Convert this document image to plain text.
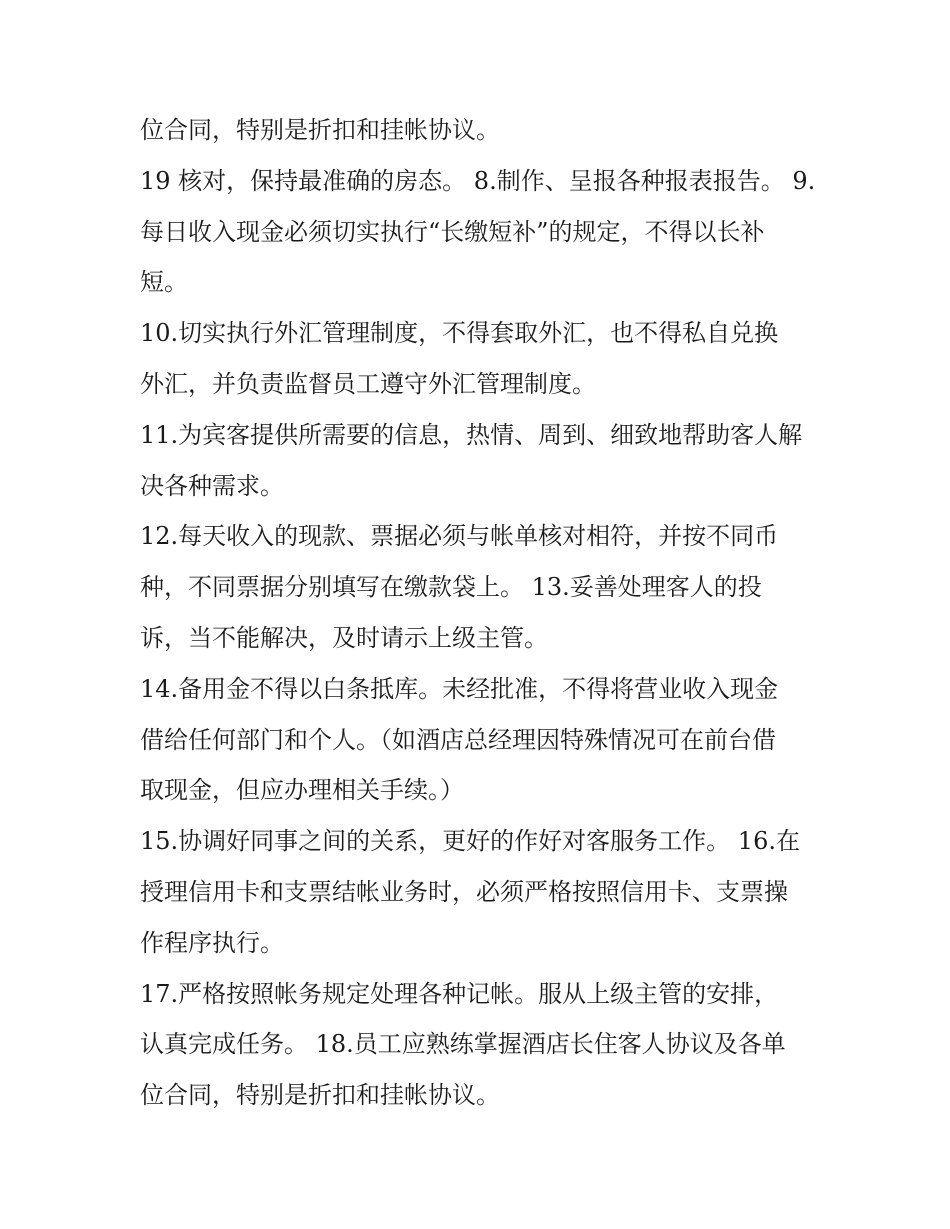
位合同，特别是折扣和挂帐协议。
19 核对，保持最准确的房态。 8.制作、呈报各种报表报告。 9.
每日收入现金必须切实执行“长缴短补”的规定，不得以长补
短。
10.切实执行外汇管理制度，不得套取外汇，也不得私自兑换
外汇，并负责监督员工遵守外汇管理制度。
11.为宾客提供所需要的信息，热情、周到、细致地帮助客人解
决各种需求。
12.每天收入的现款、票据必须与帐单核对相符，并按不同币
种，不同票据分别填写在缴款袋上。 13.妥善处理客人的投
诉，当不能解决，及时请示上级主管。
14.备用金不得以白条抵库。未经批准，不得将营业收入现金
借给任何部门和个人。（如酒店总经理因特殊情况可在前台借
取现金，但应办理相关手续。）
15.协调好同事之间的关系，更好的作好对客服务工作。 16.在
授理信用卡和支票结帐业务时，必须严格按照信用卡、支票操
作程序执行。
17.严格按照帐务规定处理各种记帐。服从上级主管的安排，
认真完成任务。 18.员工应熟练掌握酒店长住客人协议及各单
位合同，特别是折扣和挂帐协议。
